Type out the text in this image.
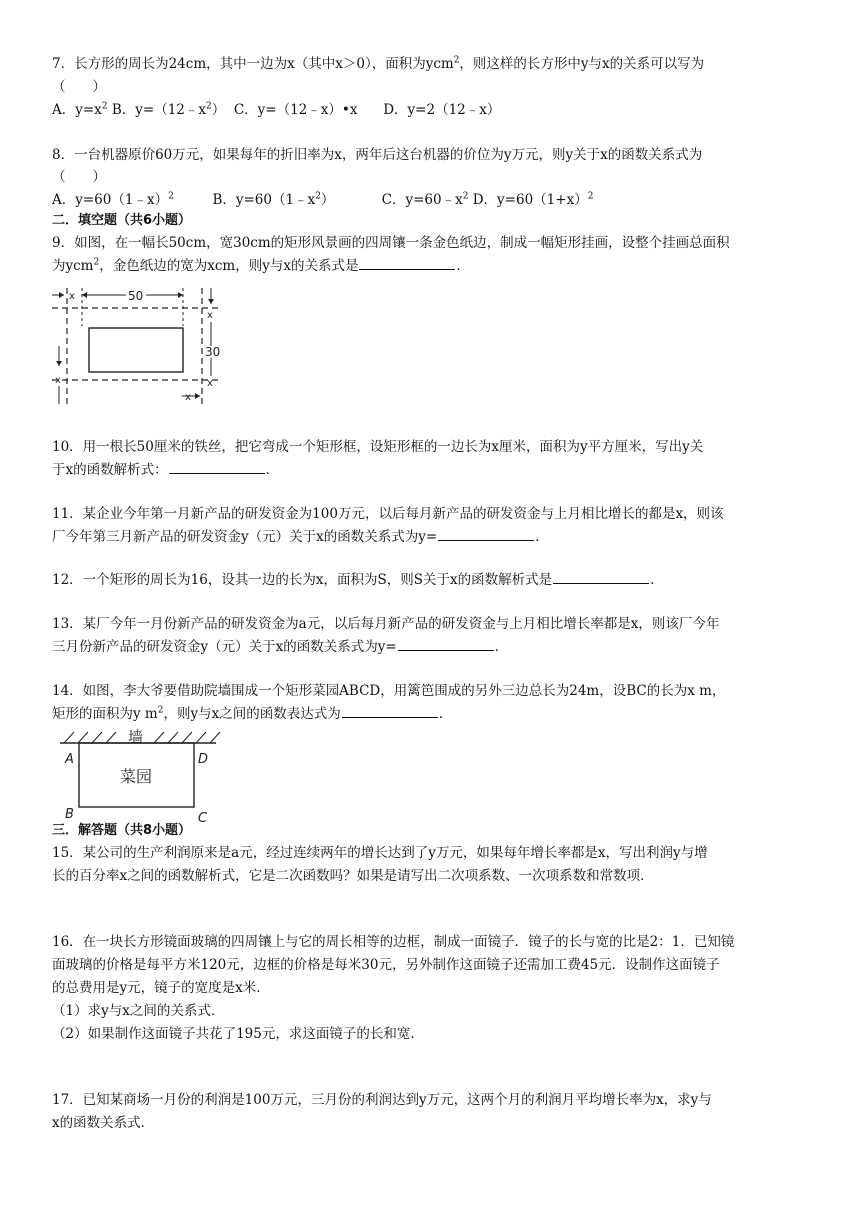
7．长方形的周长为24cm，其中一边为x（其中x＞0），面积为ycm$^2$，则这样的长方形中y与x的关系可以写为
（　　）
A．$y=x^2$ B．$y=(12﹣x^2)$ C．y=（12﹣x）•x D．y=2（12﹣x）
8．一台机器原价60万元，如果每年的折旧率为x，两年后这台机器的价位为y万元，则y关于x的函数关系式为
（　　）
A．y=60（1﹣x）$^2$	B．$y=60(1﹣x^2)$	C．$y=60﹣x^2$ D．$y=60(1+x)^2$
二．填空题（共6小题）
9．如图，在一幅长50cm，宽30cm的矩形风景画的四周镶一条金色纸边，制成一幅矩形挂画，设整个挂画总面积
为ycm$^2$，金色纸边的宽为xcm，则y与x的关系式是	．
x	50
x
30
x	x
x
10．用一根长50厘米的铁丝，把它弯成一个矩形框，设矩形框的一边长为x厘米，面积为y平方厘米，写出y关
于x的函数解析式：	．
11．某企业今年第一月新产品的研发资金为100万元，以后每月新产品的研发资金与上月相比增长的都是x，则该
厂今年第三月新产品的研发资金y（元）关于x的函数关系式为y=	．
12．一个矩形的周长为16，设其一边的长为x，面积为S，则S关于x的函数解析式是	．
13．某厂今年一月份新产品的研发资金为a元，以后每月新产品的研发资金与上月相比增长率都是x，则该厂今年
三月份新产品的研发资金y（元）关于x的函数关系式为y=	．
14．如图，李大爷要借助院墙围成一个矩形菜园ABCD，用篱笆围成的另外三边总长为24m，设BC的长为x m，
矩形的面积为y $m^2$，则y与x之间的函数表达式为	．
墙
菜园
A	D
B	C
三．解答题（共8小题）
15．某公司的生产利润原来是a元，经过连续两年的增长达到了y万元，如果每年增长率都是x，写出利润y与增
长的百分率x之间的函数解析式，它是二次函数吗？如果是请写出二次项系数、一次项系数和常数项．
16．在一块长方形镜面玻璃的四周镶上与它的周长相等的边框，制成一面镜子．镜子的长与宽的比是2：1．已知镜
面玻璃的价格是每平方米120元，边框的价格是每米30元，另外制作这面镜子还需加工费45元．设制作这面镜子
的总费用是y元，镜子的宽度是x米．
（1）求y与x之间的关系式．
（2）如果制作这面镜子共花了195元，求这面镜子的长和宽．
17．已知某商场一月份的利润是100万元，三月份的利润达到y万元，这两个月的利润月平均增长率为x，求y与
x的函数关系式．
